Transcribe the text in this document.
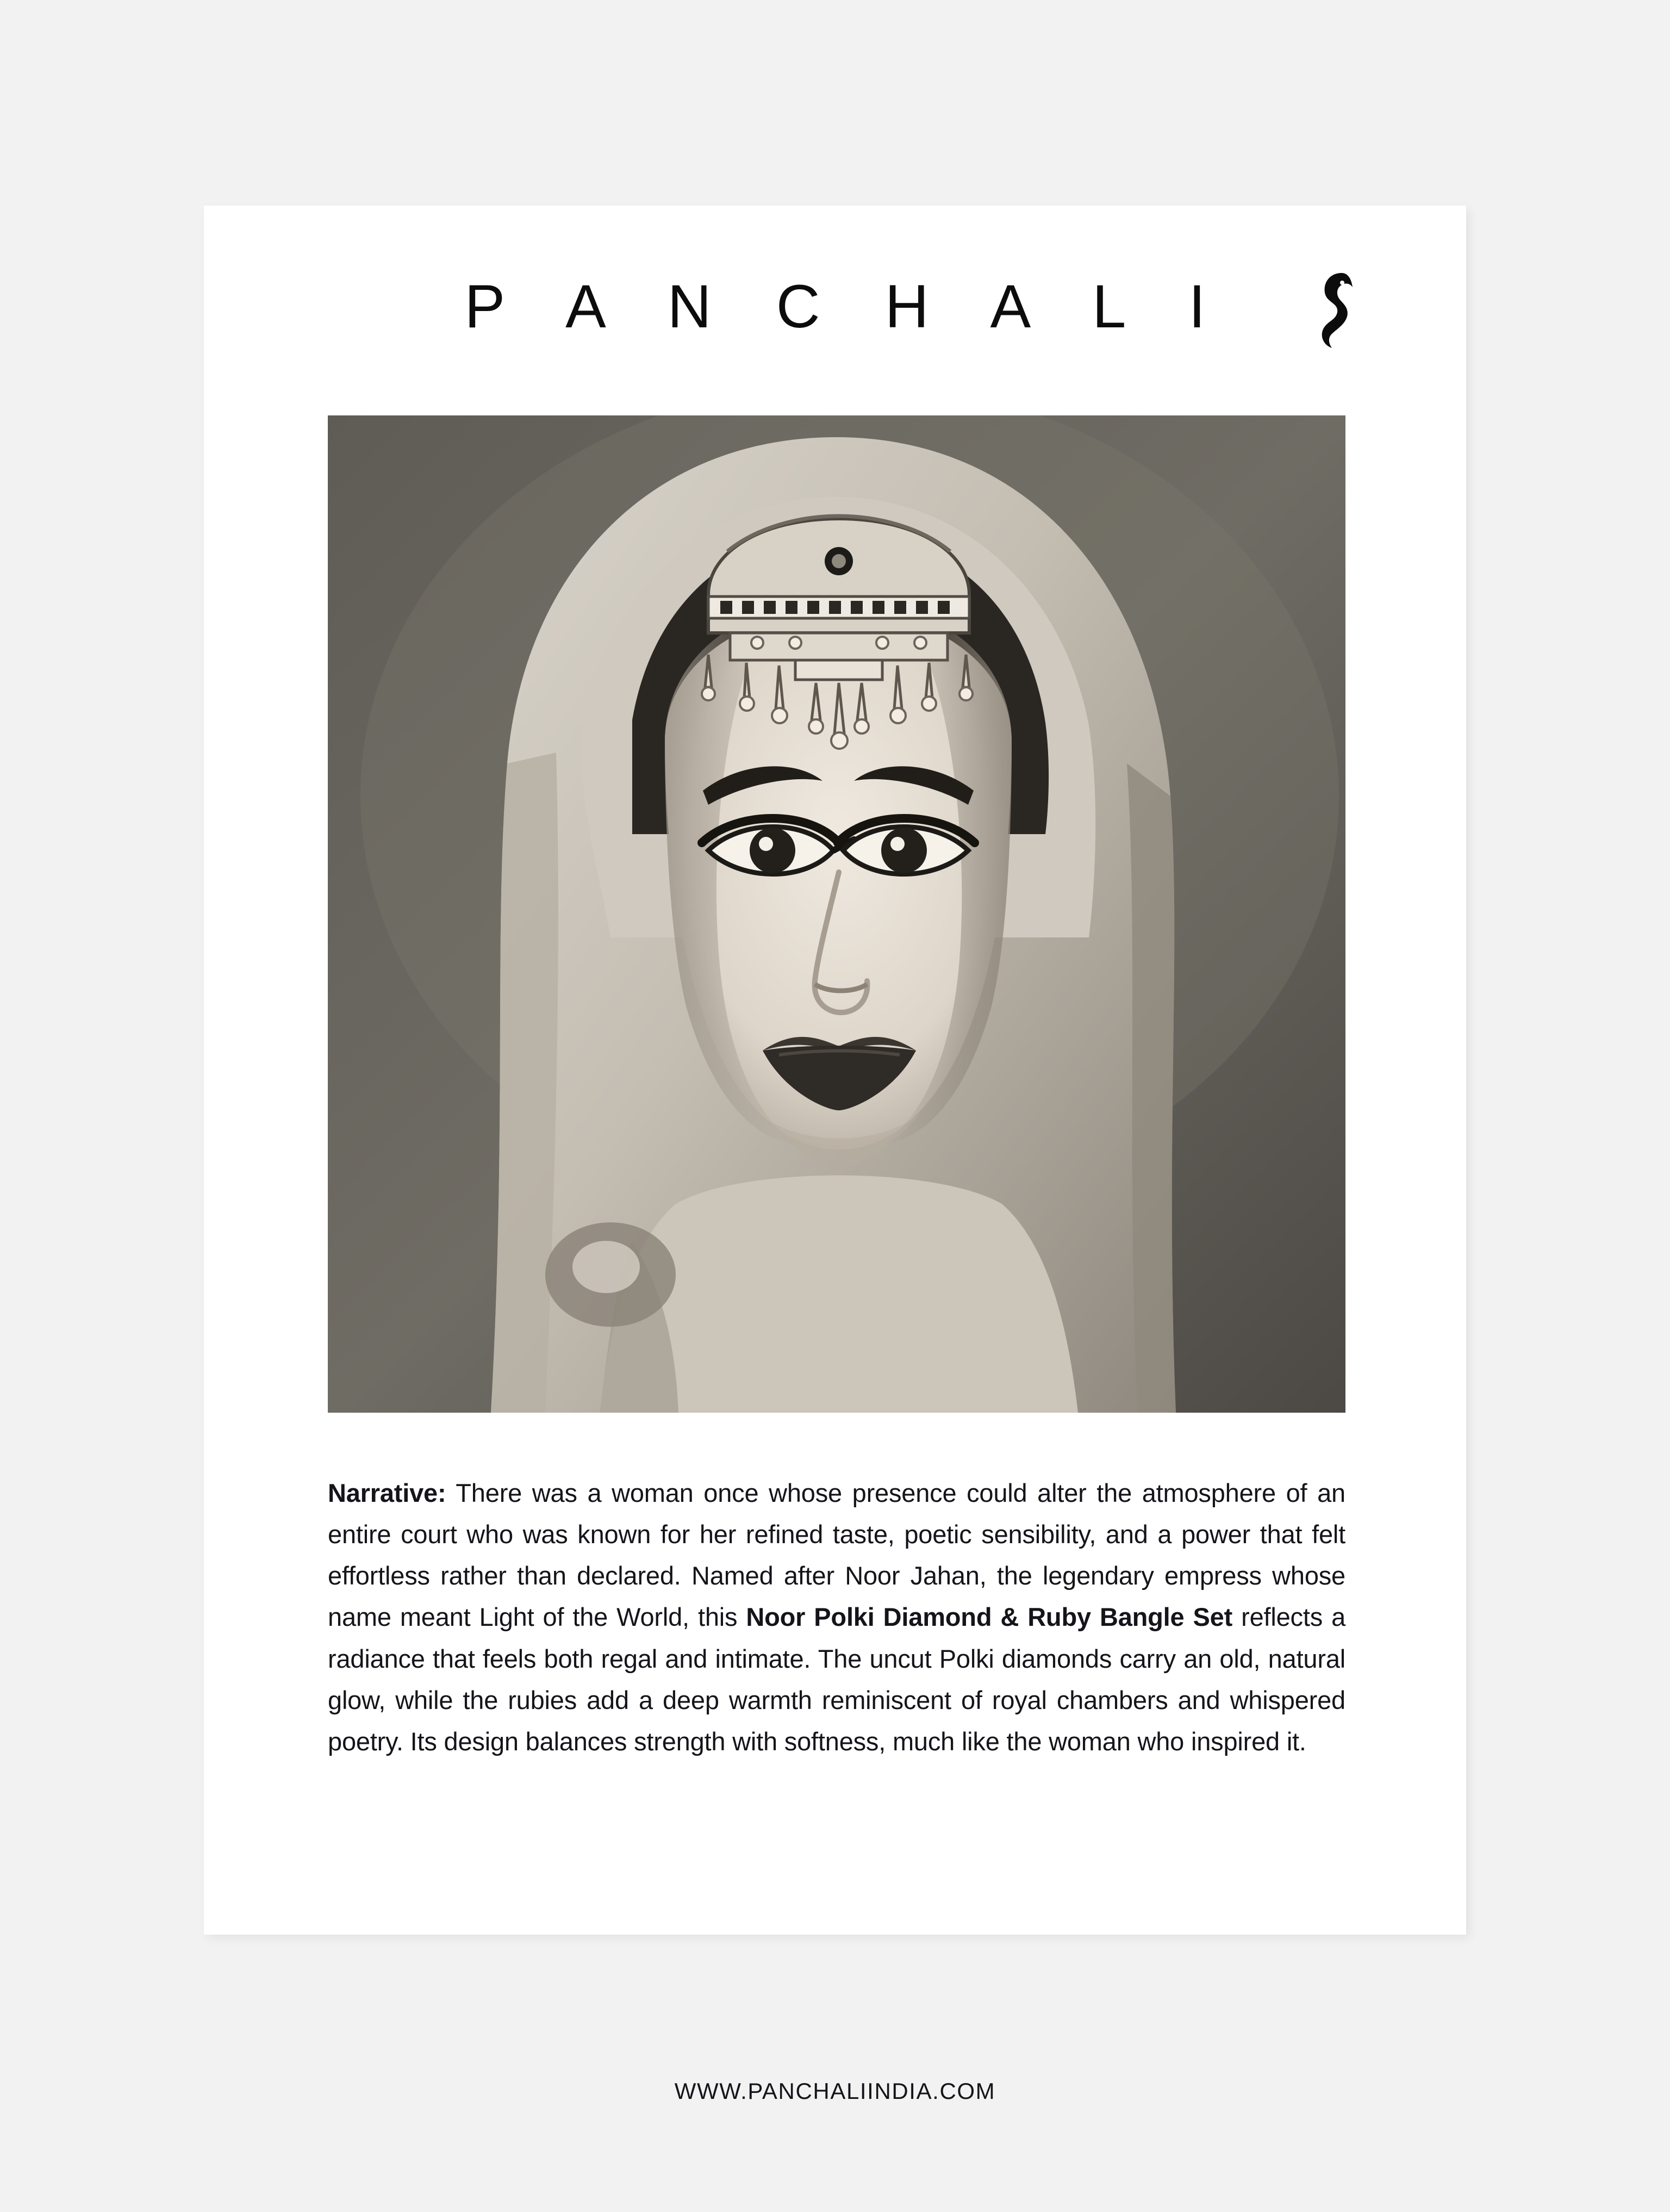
P A N C H A L I

Narrative: There was a woman once whose presence could alter the atmosphere of an entire court who was known for her refined taste, poetic sensibility, and a power that felt effortless rather than declared. Named after Noor Jahan, the legendary empress whose name meant Light of the World, this Noor Polki Diamond & Ruby Bangle Set reflects a radiance that feels both regal and intimate. The uncut Polki diamonds carry an old, natural glow, while the rubies add a deep warmth reminiscent of royal chambers and whispered poetry. Its design balances strength with softness, much like the woman who inspired it.

WWW.PANCHALIINDIA.COM
